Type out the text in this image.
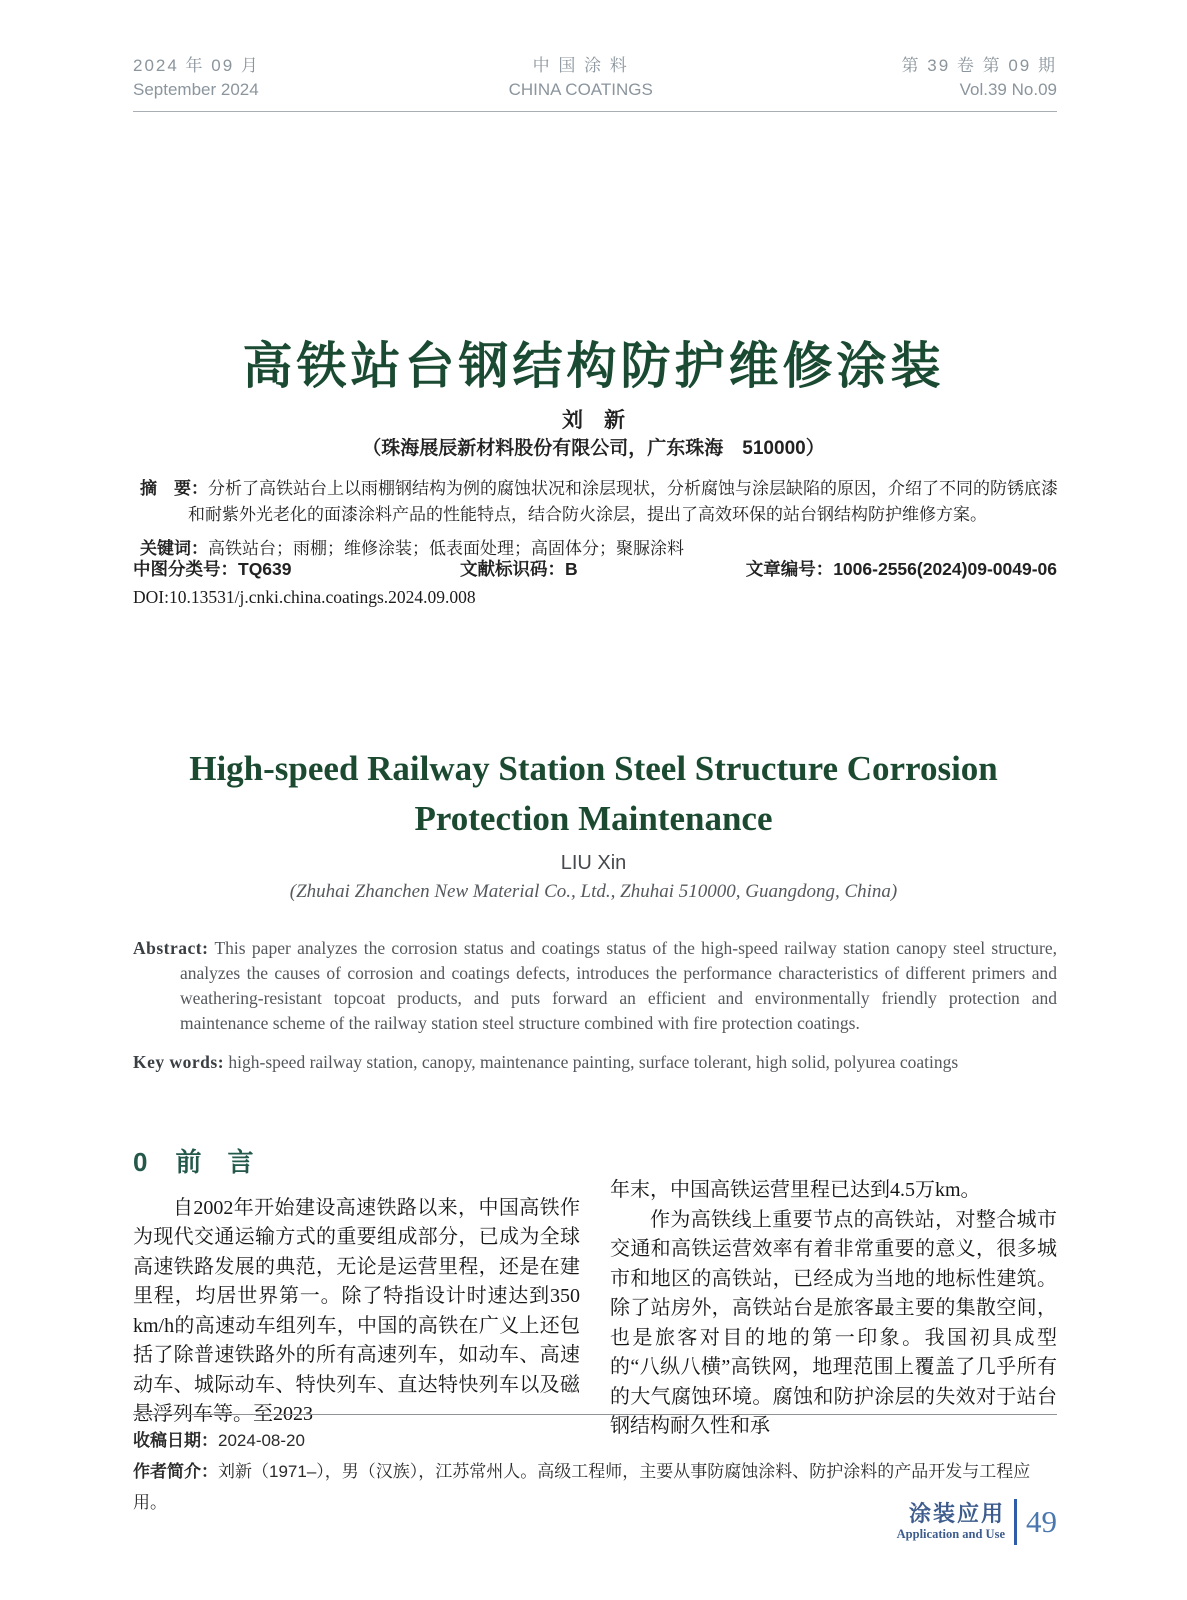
2024 年 09 月
September 2024
中 国 涂 料
CHINA COATINGS
第 39 卷 第 09 期
Vol.39 No.09
高铁站台钢结构防护维修涂装
刘　新
（珠海展辰新材料股份有限公司，广东珠海　510000）
摘　要：分析了高铁站台上以雨棚钢结构为例的腐蚀状况和涂层现状，分析腐蚀与涂层缺陷的原因，介绍了不同的防锈底漆和耐紫外光老化的面漆涂料产品的性能特点，结合防火涂层，提出了高效环保的站台钢结构防护维修方案。
关键词：高铁站台；雨棚；维修涂装；低表面处理；高固体分；聚脲涂料
中图分类号：TQ639	文献标识码：B	文章编号：1006-2556(2024)09-0049-06
DOI:10.13531/j.cnki.china.coatings.2024.09.008
High-speed Railway Station Steel Structure Corrosion
Protection Maintenance
LIU Xin
(Zhuhai Zhanchen New Material Co., Ltd., Zhuhai 510000, Guangdong, China)
Abstract: This paper analyzes the corrosion status and coatings status of the high-speed railway station canopy steel structure, analyzes the causes of corrosion and coatings defects, introduces the performance characteristics of different primers and weathering-resistant topcoat products, and puts forward an efficient and environmentally friendly protection and maintenance scheme of the railway station steel structure combined with fire protection coatings.
Key words: high-speed railway station, canopy, maintenance painting, surface tolerant, high solid, polyurea coatings
0 前　言

自2002年开始建设高速铁路以来，中国高铁作为现代交通运输方式的重要组成部分，已成为全球高速铁路发展的典范，无论是运营里程，还是在建里程，均居世界第一。除了特指设计时速达到350 km/h的高速动车组列车，中国的高铁在广义上还包括了除普速铁路外的所有高速列车，如动车、高速动车、城际动车、特快列车、直达特快列车以及磁悬浮列车等。至2023

年末，中国高铁运营里程已达到4.5万km。

作为高铁线上重要节点的高铁站，对整合城市交通和高铁运营效率有着非常重要的意义，很多城市和地区的高铁站，已经成为当地的地标性建筑。除了站房外，高铁站台是旅客最主要的集散空间，也是旅客对目的地的第一印象。我国初具成型的“八纵八横”高铁网，地理范围上覆盖了几乎所有的大气腐蚀环境。腐蚀和防护涂层的失效对于站台钢结构耐久性和承

收稿日期：2024-08-20
作者简介：刘新（1971–），男（汉族），江苏常州人。高级工程师，主要从事防腐蚀涂料、防护涂料的产品开发与工程应用。	涂装应用
Application and Use 49
